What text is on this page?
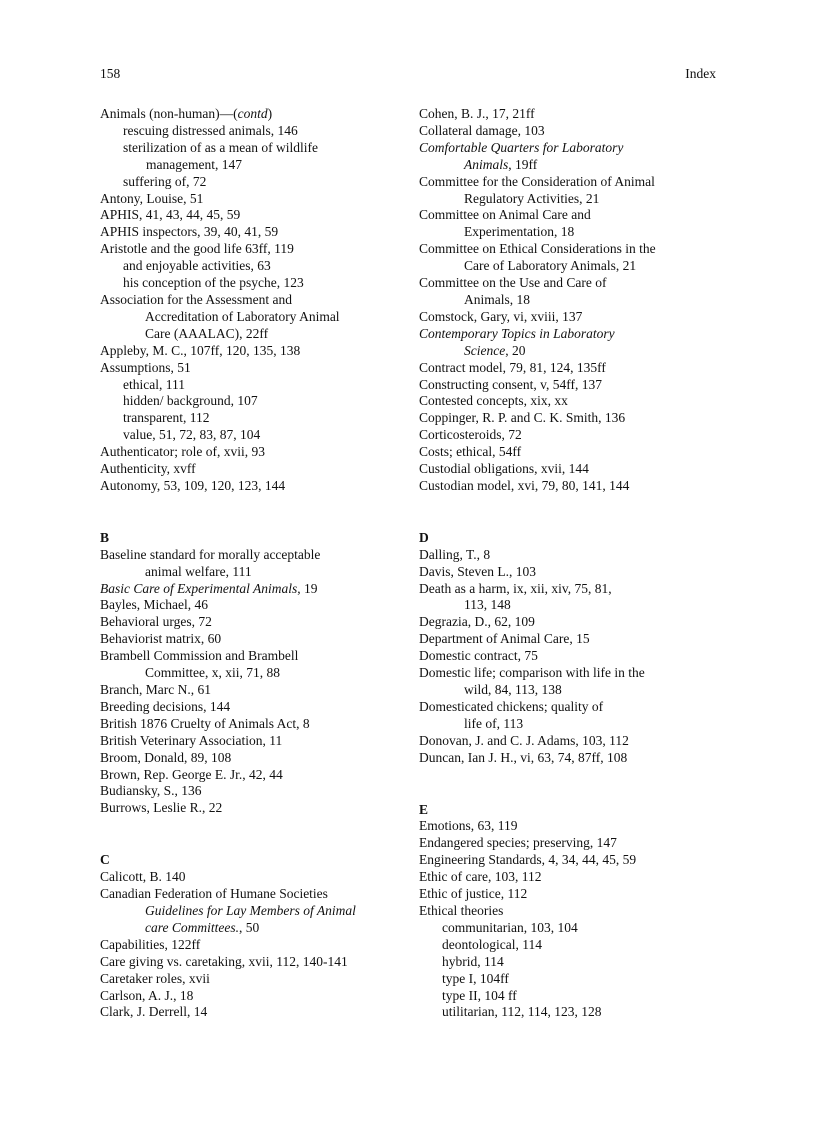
158	Index
Animals (non-human)—(contd)
rescuing distressed animals, 146
sterilization of as a mean of wildlife
management, 147
suffering of, 72
Antony, Louise, 51
APHIS, 41, 43, 44, 45, 59
APHIS inspectors, 39, 40, 41, 59
Aristotle and the good life 63ff, 119
and enjoyable activities, 63
his conception of the psyche, 123
Association for the Assessment and
Accreditation of Laboratory Animal
Care (AAALAC), 22ff
Appleby, M. C., 107ff, 120, 135, 138
Assumptions, 51
ethical, 111
hidden/ background, 107
transparent, 112
value, 51, 72, 83, 87, 104
Authenticator; role of, xvii, 93
Authenticity, xvff
Autonomy, 53, 109, 120, 123, 144
B
Baseline standard for morally acceptable
animal welfare, 111
Basic Care of Experimental Animals, 19
Bayles, Michael, 46
Behavioral urges, 72
Behaviorist matrix, 60
Brambell Commission and Brambell
Committee, x, xii, 71, 88
Branch, Marc N., 61
Breeding decisions, 144
British 1876 Cruelty of Animals Act, 8
British Veterinary Association, 11
Broom, Donald, 89, 108
Brown, Rep. George E. Jr., 42, 44
Budiansky, S., 136
Burrows, Leslie R., 22
C
Calicott, B. 140
Canadian Federation of Humane Societies
Guidelines for Lay Members of Animal
care Committees., 50
Capabilities, 122ff
Care giving vs. caretaking, xvii, 112, 140-141
Caretaker roles, xvii
Carlson, A. J., 18
Clark, J. Derrell, 14
Cohen, B. J., 17, 21ff
Collateral damage, 103
Comfortable Quarters for Laboratory
Animals, 19ff
Committee for the Consideration of Animal
Regulatory Activities, 21
Committee on Animal Care and
Experimentation, 18
Committee on Ethical Considerations in the
Care of Laboratory Animals, 21
Committee on the Use and Care of
Animals, 18
Comstock, Gary, vi, xviii, 137
Contemporary Topics in Laboratory
Science, 20
Contract model, 79, 81, 124, 135ff
Constructing consent, v, 54ff, 137
Contested concepts, xix, xx
Coppinger, R. P. and C. K. Smith, 136
Corticosteroids, 72
Costs; ethical, 54ff
Custodial obligations, xvii, 144
Custodian model, xvi, 79, 80, 141, 144
D
Dalling, T., 8
Davis, Steven L., 103
Death as a harm, ix, xii, xiv, 75, 81,
113, 148
Degrazia, D., 62, 109
Department of Animal Care, 15
Domestic contract, 75
Domestic life; comparison with life in the
wild, 84, 113, 138
Domesticated chickens; quality of
life of, 113
Donovan, J. and C. J. Adams, 103, 112
Duncan, Ian J. H., vi, 63, 74, 87ff, 108
E
Emotions, 63, 119
Endangered species; preserving, 147
Engineering Standards, 4, 34, 44, 45, 59
Ethic of care, 103, 112
Ethic of justice, 112
Ethical theories
communitarian, 103, 104
deontological, 114
hybrid, 114
type I, 104ff
type II, 104 ff
utilitarian, 112, 114, 123, 128
